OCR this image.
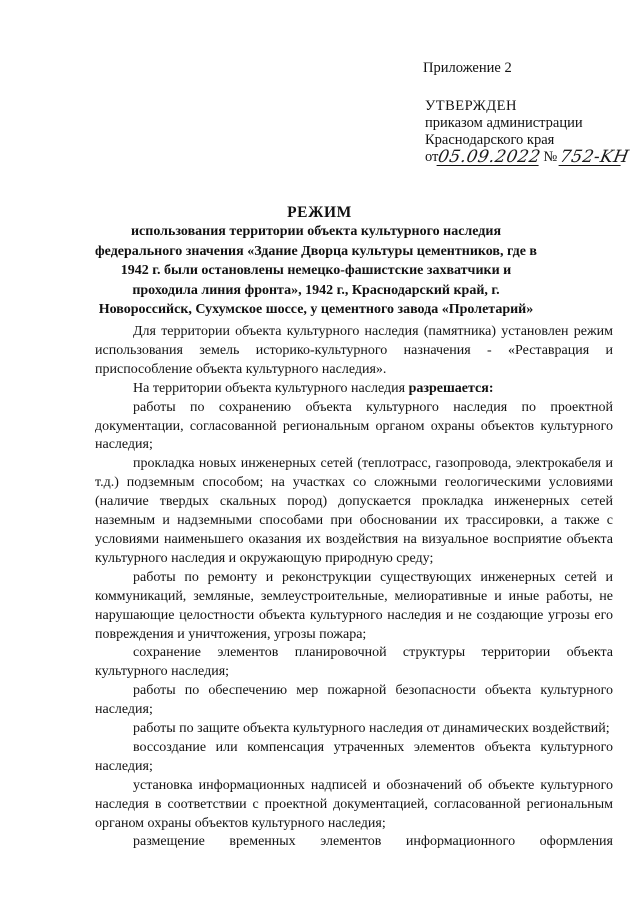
Приложение 2
УТВЕРЖДЕН
приказом администрации
Краснодарского края
от
05.09.2022 № 752-KH
РЕЖИМ
использования территории объекта культурного наследия федерального значения «Здание Дворца культуры цементников, где в 1942 г. были остановлены немецко-фашистские захватчики и проходила линия фронта», 1942 г., Краснодарский край, г. Новороссийск, Сухумское шоссе, у цементного завода «Пролетарий»

Для территории объекта культурного наследия (памятника) установлен режим использования земель историко-культурного назначения - «Реставрация и приспособление объекта культурного наследия».

На территории объекта культурного наследия разрешается:

работы по сохранению объекта культурного наследия по проектной документации, согласованной региональным органом охраны объектов культурного наследия;

прокладка новых инженерных сетей (теплотрасс, газопровода, электрокабеля и т.д.) подземным способом; на участках со сложными геологическими условиями (наличие твердых скальных пород) допускается прокладка инженерных сетей наземным и надземными способами при обосновании их трассировки, а также с условиями наименьшего оказания их воздействия на визуальное восприятие объекта культурного наследия и окружающую природную среду;

работы по ремонту и реконструкции существующих инженерных сетей и коммуникаций, земляные, землеустроительные, мелиоративные и иные работы, не нарушающие целостности объекта культурного наследия и не создающие угрозы его повреждения и уничтожения, угрозы пожара;

сохранение элементов планировочной структуры территории объекта культурного наследия;

работы по обеспечению мер пожарной безопасности объекта культурного наследия;

работы по защите объекта культурного наследия от динамических воздействий;

воссоздание или компенсация утраченных элементов объекта культурного наследия;

установка информационных надписей и обозначений об объекте культурного наследия в соответствии с проектной документацией, согласованной региональным органом охраны объектов культурного наследия;

размещение временных элементов информационного оформления
